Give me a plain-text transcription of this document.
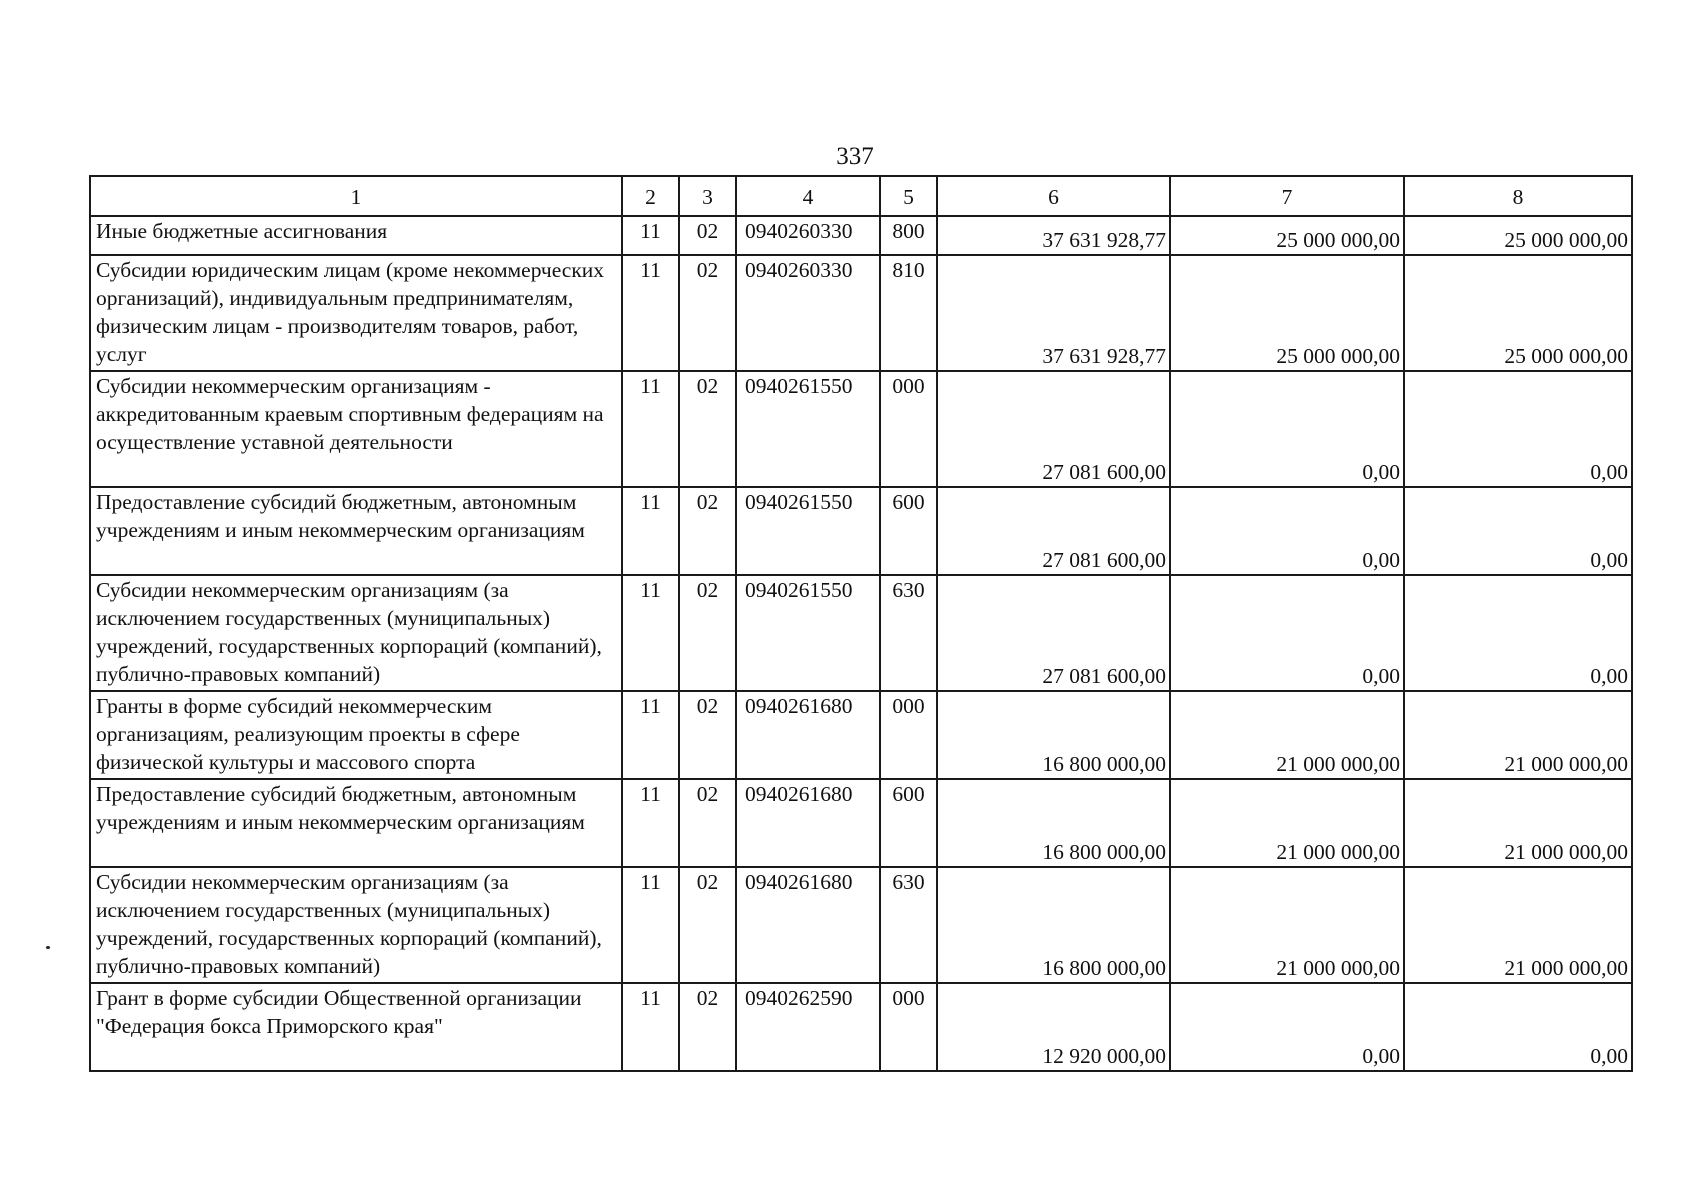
337
1	2	3	4	5	6	7	8
Иные бюджетные ассигнования	11	02	0940260330	800	37 631 928,77	25 000 000,00	25 000 000,00
Субсидии юридическим лицам (кроме некоммерческих организаций), индивидуальным предпринимателям, физическим лицам - производителям товаров, работ, услуг	11	02	0940260330	810	37 631 928,77	25 000 000,00	25 000 000,00
Субсидии некоммерческим организациям - аккредитованным краевым спортивным федерациям на осуществление уставной деятельности	11	02	0940261550	000	27 081 600,00	0,00	0,00
Предоставление субсидий бюджетным, автономным учреждениям и иным некоммерческим организациям	11	02	0940261550	600	27 081 600,00	0,00	0,00
Субсидии некоммерческим организациям (за исключением государственных (муниципальных) учреждений, государственных корпораций (компаний), публично-правовых компаний)	11	02	0940261550	630	27 081 600,00	0,00	0,00
Гранты в форме субсидий некоммерческим организациям, реализующим проекты в сфере физической культуры и массового спорта	11	02	0940261680	000	16 800 000,00	21 000 000,00	21 000 000,00
Предоставление субсидий бюджетным, автономным учреждениям и иным некоммерческим организациям	11	02	0940261680	600	16 800 000,00	21 000 000,00	21 000 000,00
Субсидии некоммерческим организациям (за исключением государственных (муниципальных) учреждений, государственных корпораций (компаний), публично-правовых компаний)	11	02	0940261680	630	16 800 000,00	21 000 000,00	21 000 000,00
Грант в форме субсидии Общественной организации "Федерация бокса Приморского края"	11	02	0940262590	000	12 920 000,00	0,00	0,00
